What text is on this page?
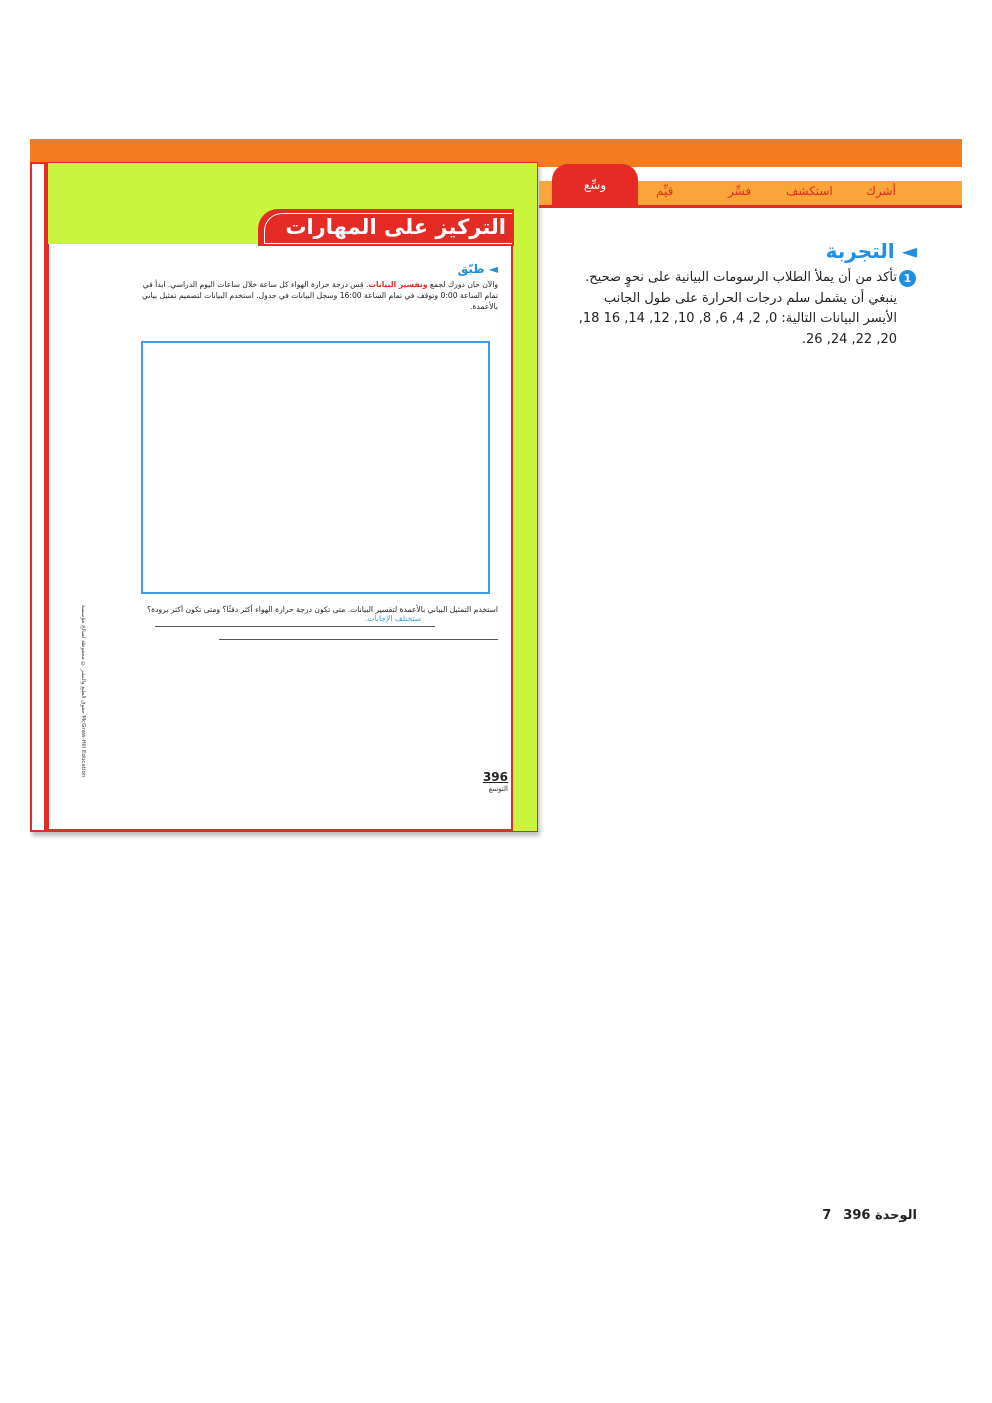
التركيز على المهارات
◄ طبّق
والآن حان دورك لجمع وتفسير البيانات. قِس درجة حرارة الهواء كل ساعة خلال ساعات اليوم الدراسي. ابدأ في تمام الساعة 0:00 وتوقف في تمام الساعة 16:00 وسجل البيانات في جدول. استخدم البيانات لتصميم تمثيل بياني بالأعمدة.
استخدم التمثيل البياني بالأعمدة لتفسير البيانات. متى تكون درجة حرارة الهواء أكثر دفئًا؟ ومتى تكون أكثر برودة؟
ستختلف الإجابات.
حقوق الطبع والنشر © محفوظة لصالح مؤسسة McGraw-Hill Education	396
التوسع
أشرك
استكشف
فسِّر
قيِّم
وسِّع
◄ التجربة
1
تأكد من أن يملأ الطلاب الرسومات البيانية على نحوٍ صحيح. ينبغي أن يشمل سلم درجات الحرارة على طول الجانب الأيسر البيانات التالية: 0, 2, 4, 6, 8, 10, 12, 14, 16 18, 20, 22, 24, 26.
الوحدة 7396
